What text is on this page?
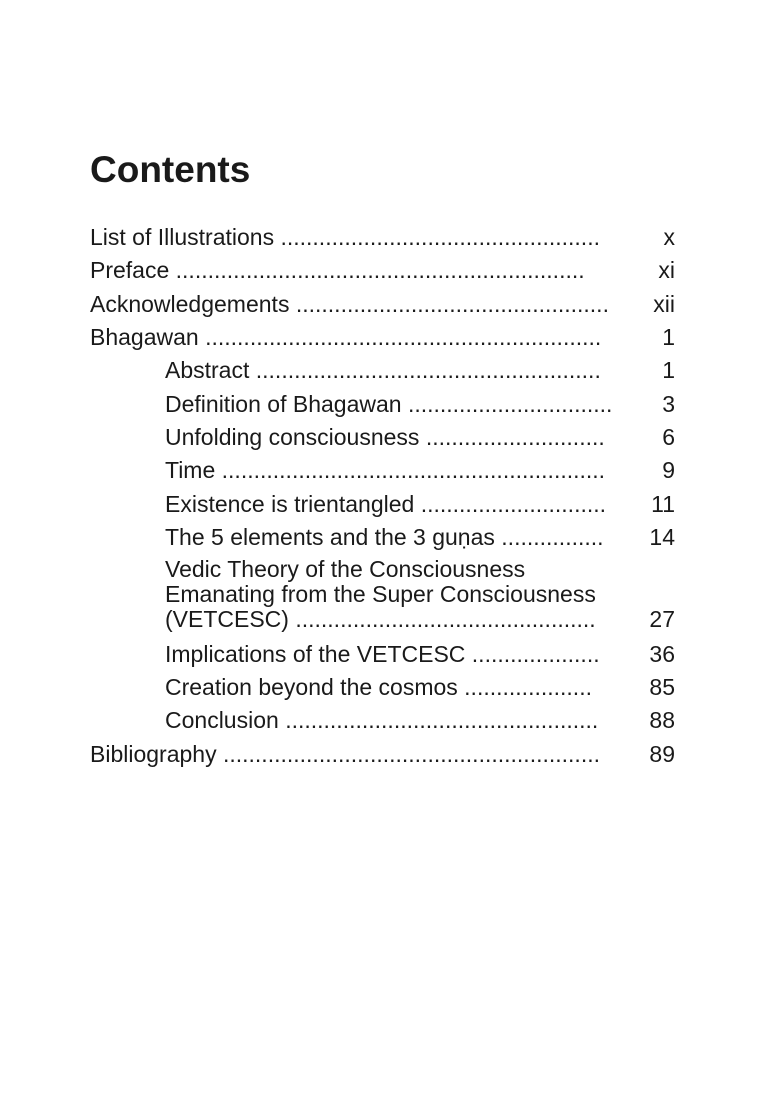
Contents
List of Illustrations ..................................................	x
Preface ................................................................	xi
Acknowledgements ................................................. xii
Bhagawan ..............................................................	1
Abstract ......................................................	1
Definition of Bhagawan ................................ 3
Unfolding consciousness ............................ 6
Time ............................................................ 9
Existence is trientangled ............................. 11
The 5 elements and the 3 guṇas ................ 14
Vedic Theory of the Consciousness
Emanating from the Super Consciousness
(VETCESC) ............................................... 27
Implications of the VETCESC .................... 36
Creation beyond the cosmos .................... 85
Conclusion ................................................. 88
Bibliography ........................................................... 89
